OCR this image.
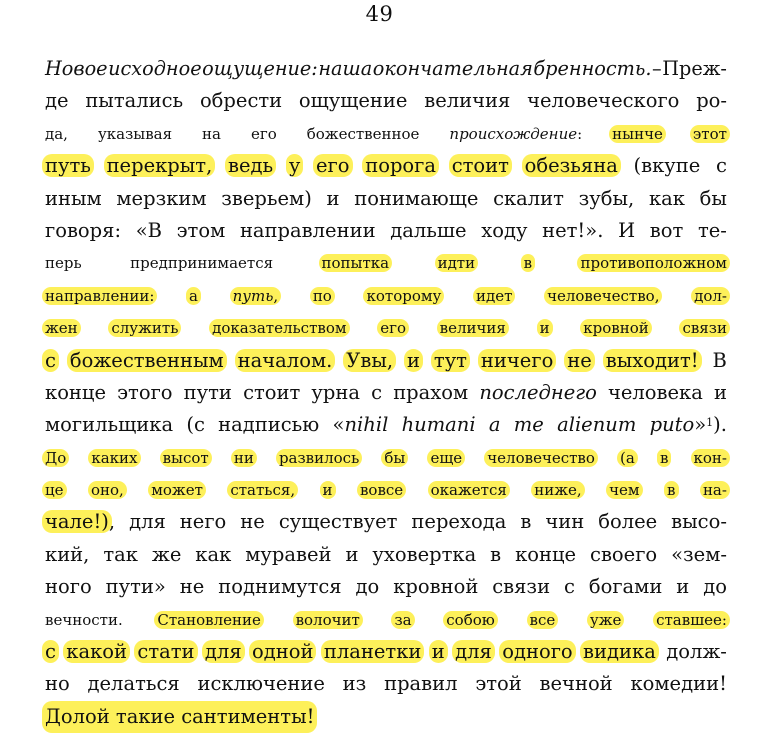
49
Новое исходное ощущение: наша окончательная бренность. – Преж-
де пытались обрести ощущение величия человеческого ро-
да, указывая на его божественное происхождение: нынче этот
путь перекрыт, ведь у его порога стоит обезьяна (вкупе с
иным мерзким зверьем) и понимающе скалит зубы, как бы
говоря: «В этом направлении дальше ходу нет!». И вот те-
перь	предпринимается	попытка	идти	в	противоположном
направлении: а путь, по которому идет человечество, дол-
жен служить доказательством его величия и кровной связи
с божественным началом. Увы, и тут ничего не выходит! В
конце этого пути стоит урна с прахом последнего человека и
могильщика (с надписью «nihil humani a me alienum puto»$^1$).
До каких высот ни развилось бы еще человечество (а в кон-
це оно, может статься, и вовсе окажется ниже, чем в на-
чале!), для него не существует перехода в чин более высо-
кий, так же как муравей и уховертка в конце своего «зем-
ного пути» не поднимутся до кровной связи с богами и до
вечности. Становление волочит за собою все уже ставшее:
с какой стати для одной планетки и для одного видика долж-
но делаться исключение из правил этой вечной комедии!
Долой такие сантименты!
